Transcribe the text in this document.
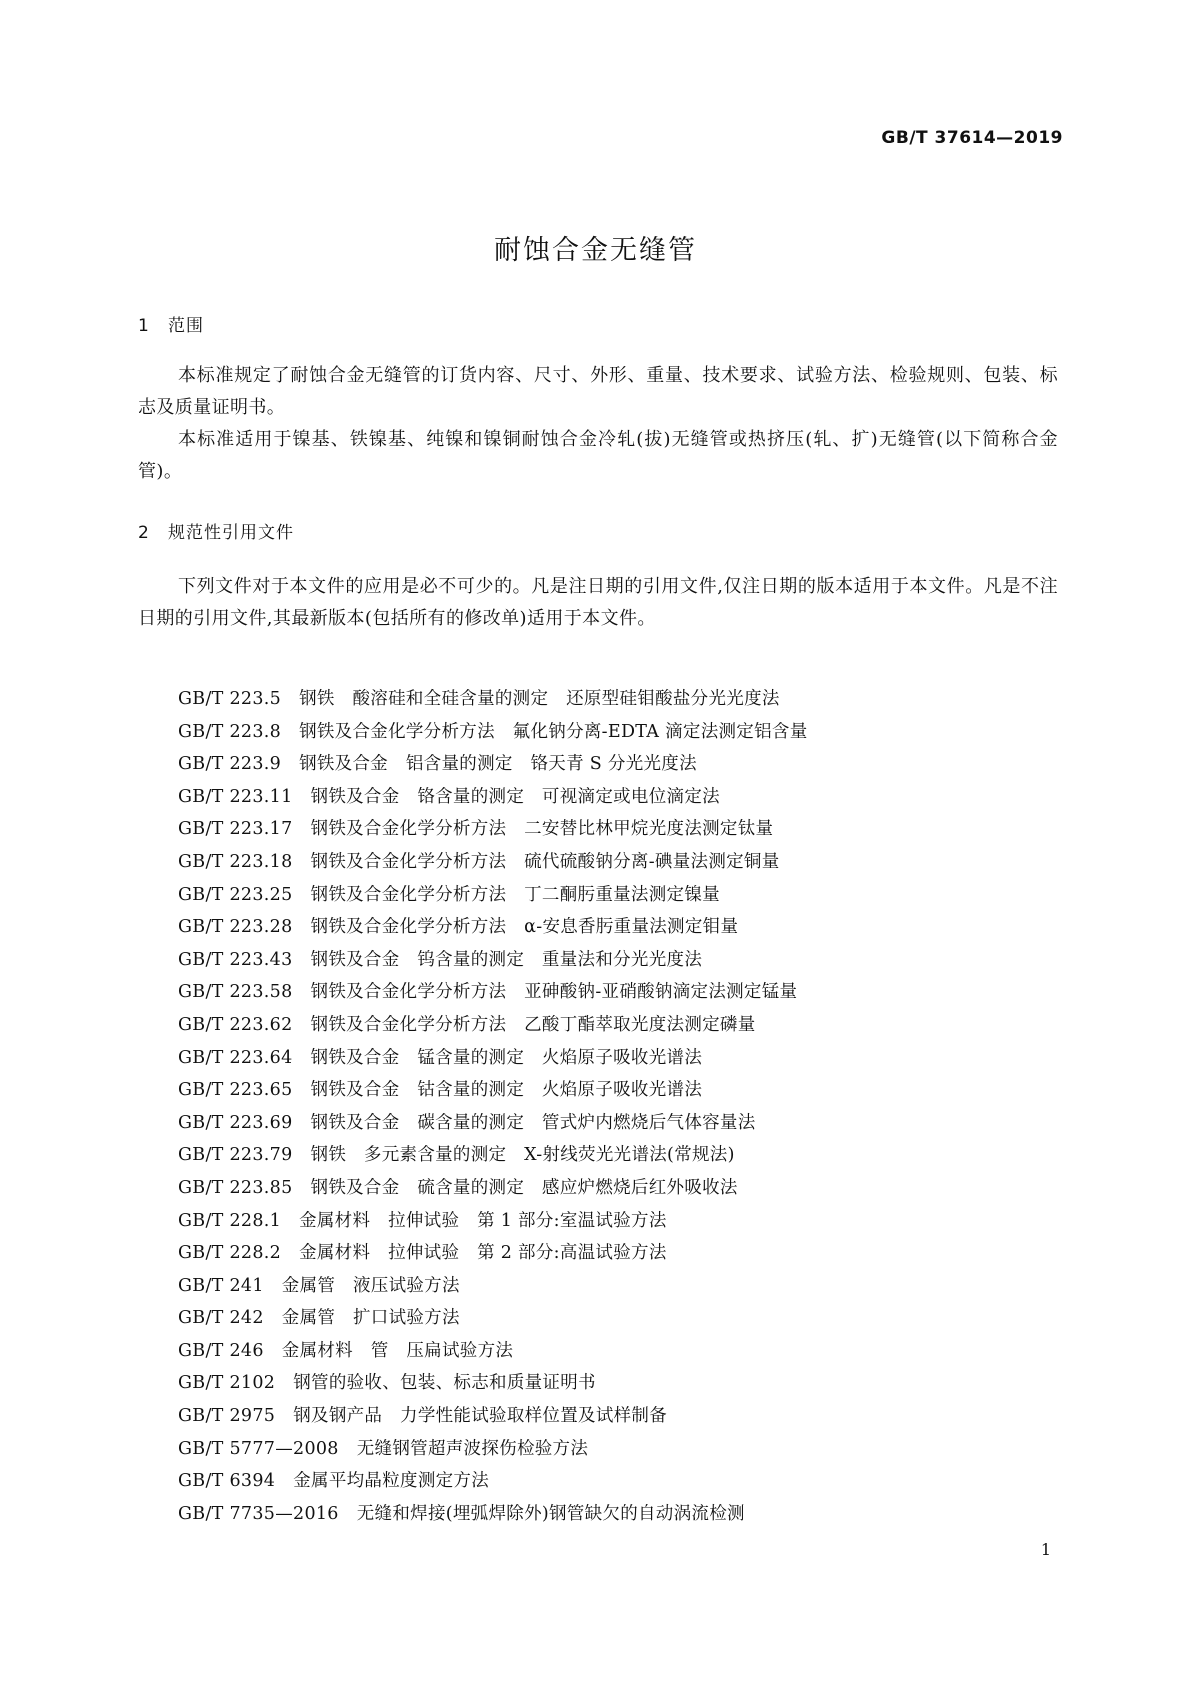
GB/T 37614—2019
耐蚀合金无缝管
1 范围

本标准规定了耐蚀合金无缝管的订货内容、尺寸、外形、重量、技术要求、试验方法、检验规则、包装、标志及质量证明书。

本标准适用于镍基、铁镍基、纯镍和镍铜耐蚀合金冷轧(拔)无缝管或热挤压(轧、扩)无缝管(以下简称合金管)。

2 规范性引用文件

下列文件对于本文件的应用是必不可少的。凡是注日期的引用文件,仅注日期的版本适用于本文件。凡是不注日期的引用文件,其最新版本(包括所有的修改单)适用于本文件。

GB/T 223.5 钢铁　酸溶硅和全硅含量的测定　还原型硅钼酸盐分光光度法
GB/T 223.8 钢铁及合金化学分析方法　氟化钠分离-EDTA 滴定法测定铝含量
GB/T 223.9 钢铁及合金　铝含量的测定　铬天青 S 分光光度法
GB/T 223.11 钢铁及合金　铬含量的测定　可视滴定或电位滴定法
GB/T 223.17 钢铁及合金化学分析方法　二安替比林甲烷光度法测定钛量
GB/T 223.18 钢铁及合金化学分析方法　硫代硫酸钠分离-碘量法测定铜量
GB/T 223.25 钢铁及合金化学分析方法　丁二酮肟重量法测定镍量
GB/T 223.28 钢铁及合金化学分析方法　α-安息香肟重量法测定钼量
GB/T 223.43 钢铁及合金　钨含量的测定　重量法和分光光度法
GB/T 223.58 钢铁及合金化学分析方法　亚砷酸钠-亚硝酸钠滴定法测定锰量
GB/T 223.62 钢铁及合金化学分析方法　乙酸丁酯萃取光度法测定磷量
GB/T 223.64 钢铁及合金　锰含量的测定　火焰原子吸收光谱法
GB/T 223.65 钢铁及合金　钴含量的测定　火焰原子吸收光谱法
GB/T 223.69 钢铁及合金　碳含量的测定　管式炉内燃烧后气体容量法
GB/T 223.79 钢铁　多元素含量的测定　X-射线荧光光谱法(常规法)
GB/T 223.85 钢铁及合金　硫含量的测定　感应炉燃烧后红外吸收法
GB/T 228.1 金属材料　拉伸试验　第 1 部分:室温试验方法
GB/T 228.2 金属材料　拉伸试验　第 2 部分:高温试验方法
GB/T 241 金属管　液压试验方法
GB/T 242 金属管　扩口试验方法
GB/T 246 金属材料　管　压扁试验方法
GB/T 2102 钢管的验收、包装、标志和质量证明书
GB/T 2975 钢及钢产品　力学性能试验取样位置及试样制备
GB/T 5777—2008 无缝钢管超声波探伤检验方法
GB/T 6394 金属平均晶粒度测定方法
GB/T 7735—2016 无缝和焊接(埋弧焊除外)钢管缺欠的自动涡流检测
1
